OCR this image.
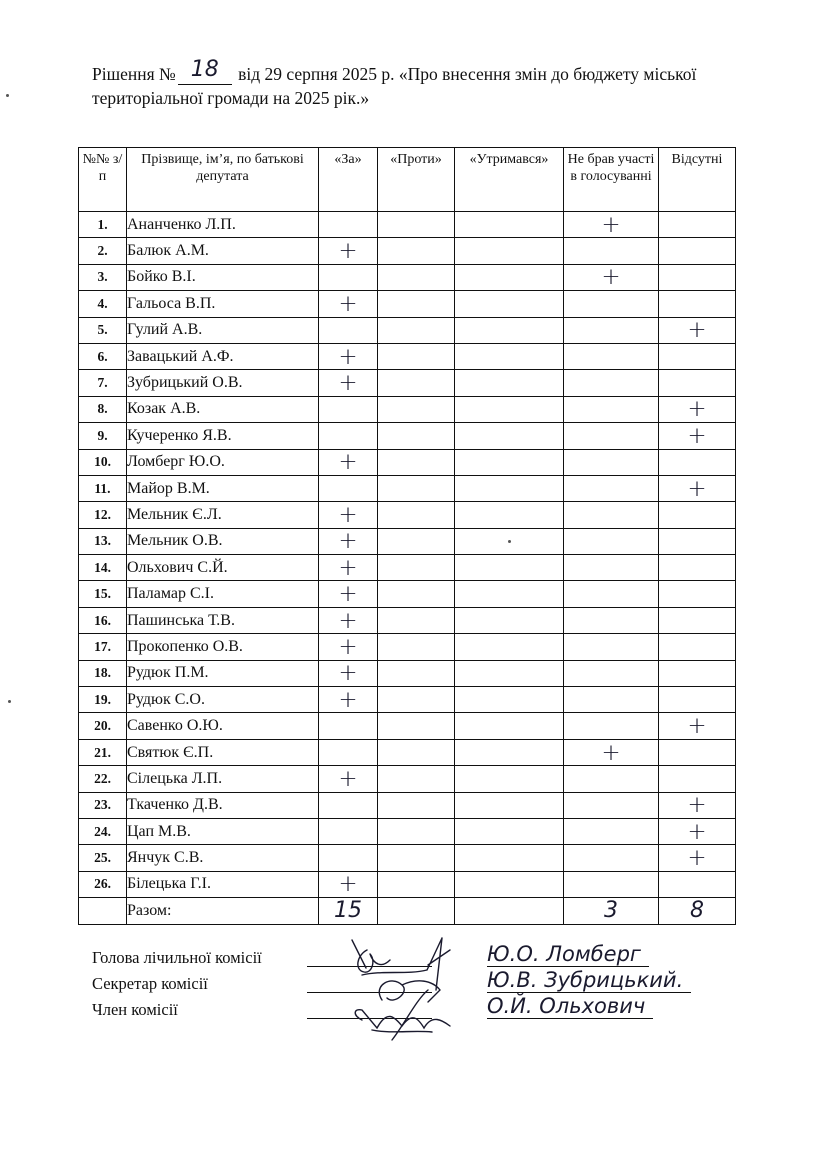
Рішення № 18 від 29 серпня 2025 р. «Про внесення змін до бюджету міської територіальної громади на 2025 рік.»
№№ з/п	Прізвище, ім’я, по батькові депутата	«За»	«Проти»	«Утримався»	Не брав участі в голосуванні	Відсутні
1.	Ананченко Л.П.				+	
2.	Балюк А.М.	+				
3.	Бойко В.І.				+	
4.	Гальоса В.П.	+				
5.	Гулий А.В.					+
6.	Завацький А.Ф.	+				
7.	Зубрицький О.В.	+				
8.	Козак А.В.					+
9.	Кучеренко Я.В.					+
10.	Ломберг Ю.О.	+				
11.	Майор В.М.					+
12.	Мельник Є.Л.	+				
13.	Мельник О.В.	+				
14.	Ольхович С.Й.	+				
15.	Паламар С.І.	+				
16.	Пашинська Т.В.	+				
17.	Прокопенко О.В.	+				
18.	Рудюк П.М.	+				
19.	Рудюк С.О.	+				
20.	Савенко О.Ю.					+
21.	Святюк Є.П.				+	
22.	Сілецька Л.П.	+				
23.	Ткаченко Д.В.					+
24.	Цап М.В.					+
25.	Янчук С.В.					+
26.	Білецька Г.І.	+				
	Разом:	15			3	8
Голова лічильної комісії	Ю.О. Ломберг
Секретар комісії	Ю.В. Зубрицький.
Член комісії	О.Й. Ольхович
